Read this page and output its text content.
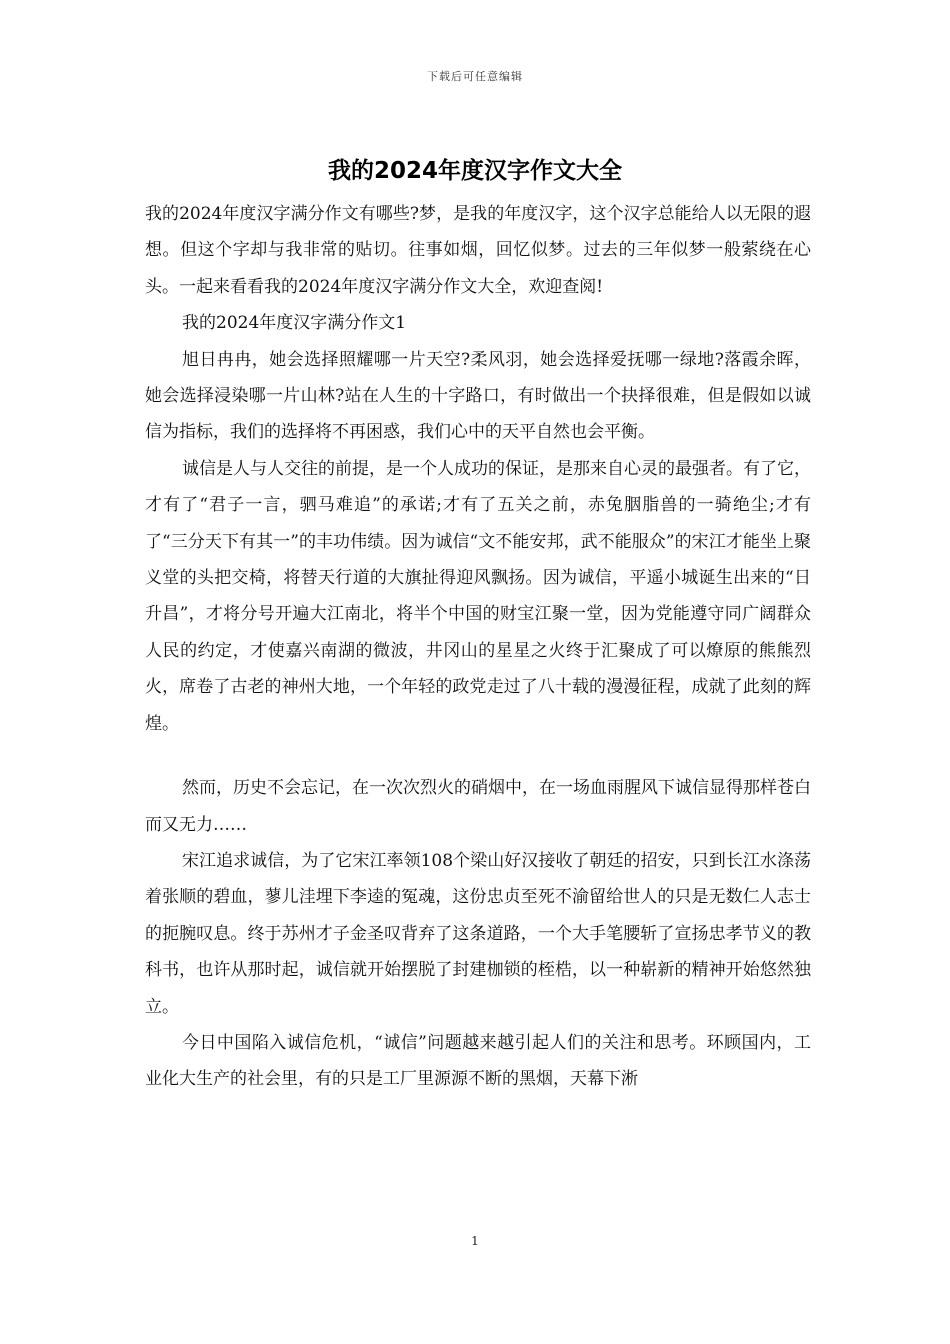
下载后可任意编辑
我的2024年度汉字作文大全

我的2024年度汉字满分作文有哪些?梦，是我的年度汉字，这个汉字总能给人以无限的遐想。但这个字却与我非常的贴切。往事如烟，回忆似梦。过去的三年似梦一般萦绕在心头。一起来看看我的2024年度汉字满分作文大全，欢迎查阅!

我的2024年度汉字满分作文1

旭日冉冉，她会选择照耀哪一片天空?柔风羽，她会选择爱抚哪一绿地?落霞余晖，她会选择浸染哪一片山林?站在人生的十字路口，有时做出一个抉择很难，但是假如以诚信为指标，我们的选择将不再困惑，我们心中的天平自然也会平衡。

诚信是人与人交往的前提，是一个人成功的保证，是那来自心灵的最强者。有了它，才有了“君子一言，驷马难追”的承诺;才有了五关之前，赤兔胭脂兽的一骑绝尘;才有了“三分天下有其一”的丰功伟绩。因为诚信“文不能安邦，武不能服众”的宋江才能坐上聚义堂的头把交椅，将替天行道的大旗扯得迎风飘扬。因为诚信，平遥小城诞生出来的“日升昌”，才将分号开遍大江南北，将半个中国的财宝江聚一堂，因为党能遵守同广阔群众人民的约定，才使嘉兴南湖的微波，井冈山的星星之火终于汇聚成了可以燎原的熊熊烈火，席卷了古老的神州大地，一个年轻的政党走过了八十载的漫漫征程，成就了此刻的辉煌。

然而，历史不会忘记，在一次次烈火的硝烟中，在一场血雨腥风下诚信显得那样苍白而又无力……

宋江追求诚信，为了它宋江率领108个梁山好汉接收了朝廷的招安，只到长江水涤荡着张顺的碧血，蓼儿洼埋下李逵的冤魂，这份忠贞至死不渝留给世人的只是无数仁人志士的扼腕叹息。终于苏州才子金圣叹背弃了这条道路，一个大手笔腰斩了宣扬忠孝节义的教科书，也许从那时起，诚信就开始摆脱了封建枷锁的桎梏，以一种崭新的精神开始悠然独立。

今日中国陷入诚信危机，“诚信”问题越来越引起人们的关注和思考。环顾国内，工业化大生产的社会里，有的只是工厂里源源不断的黑烟，天幕下淅

1
